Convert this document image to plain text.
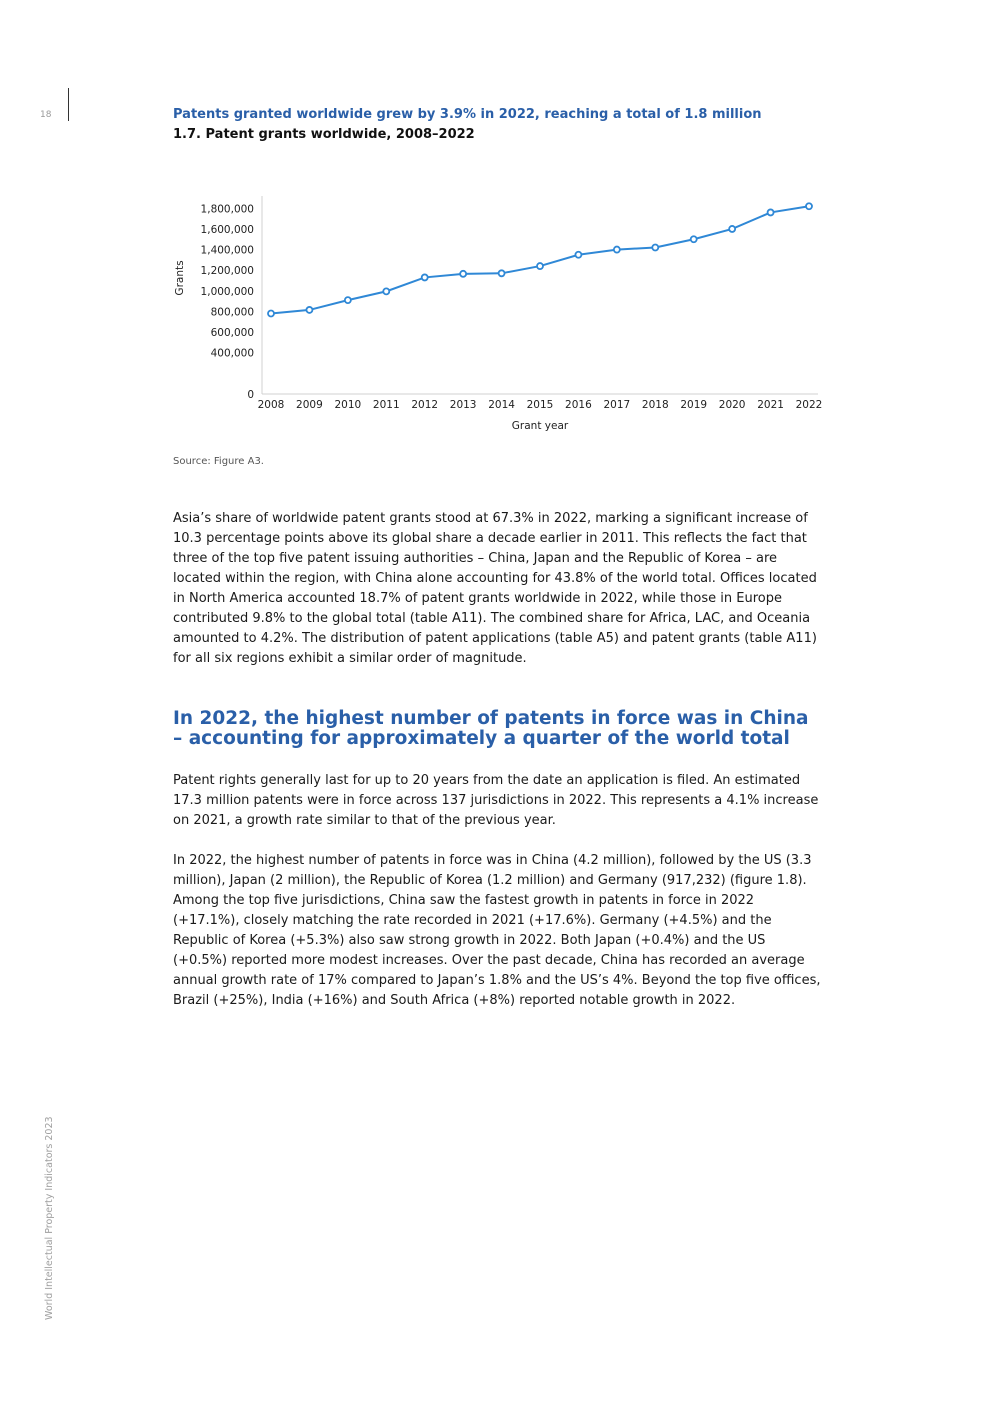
18
World Intellectual Property Indicators 2023
Patents granted worldwide grew by 3.9% in 2022, reaching a total of 1.8 million
1.7. Patent grants worldwide, 2008–2022
0
400,000
600,000
800,000
1,000,000
1,200,000
1,400,000
1,600,000
1,800,000
2008 2009 2010 2011 2012 2013 2014 2015 2016 2017 2018 2019 2020 2021 2022
Grant year
Grants
Source: Figure A3.

Asia’s share of worldwide patent grants stood at 67.3% in 2022, marking a significant increase of 10.3 percentage points above its global share a decade earlier in 2011. This reflects the fact that three of the top five patent issuing authorities – China, Japan and the Republic of Korea – are located within the region, with China alone accounting for 43.8% of the world total. Offices located in North America accounted 18.7% of patent grants worldwide in 2022, while those in Europe contributed 9.8% to the global total (table A11). The combined share for Africa, LAC, and Oceania amounted to 4.2%. The distribution of patent applications (table A5) and patent grants (table A11) for all six regions exhibit a similar order of magnitude.

In 2022, the highest number of patents in force was in China – accounting for approximately a quarter of the world total

Patent rights generally last for up to 20 years from the date an application is filed. An estimated 17.3 million patents were in force across 137 jurisdictions in 2022. This represents a 4.1% increase on 2021, a growth rate similar to that of the previous year.

In 2022, the highest number of patents in force was in China (4.2 million), followed by the US (3.3 million), Japan (2 million), the Republic of Korea (1.2 million) and Germany (917,232) (figure 1.8). Among the top five jurisdictions, China saw the fastest growth in patents in force in 2022 (+17.1%), closely matching the rate recorded in 2021 (+17.6%). Germany (+4.5%) and the Republic of Korea (+5.3%) also saw strong growth in 2022. Both Japan (+0.4%) and the US (+0.5%) reported more modest increases. Over the past decade, China has recorded an average annual growth rate of 17% compared to Japan’s 1.8% and the US’s 4%. Beyond the top five offices, Brazil (+25%), India (+16%) and South Africa (+8%) reported notable growth in 2022.
